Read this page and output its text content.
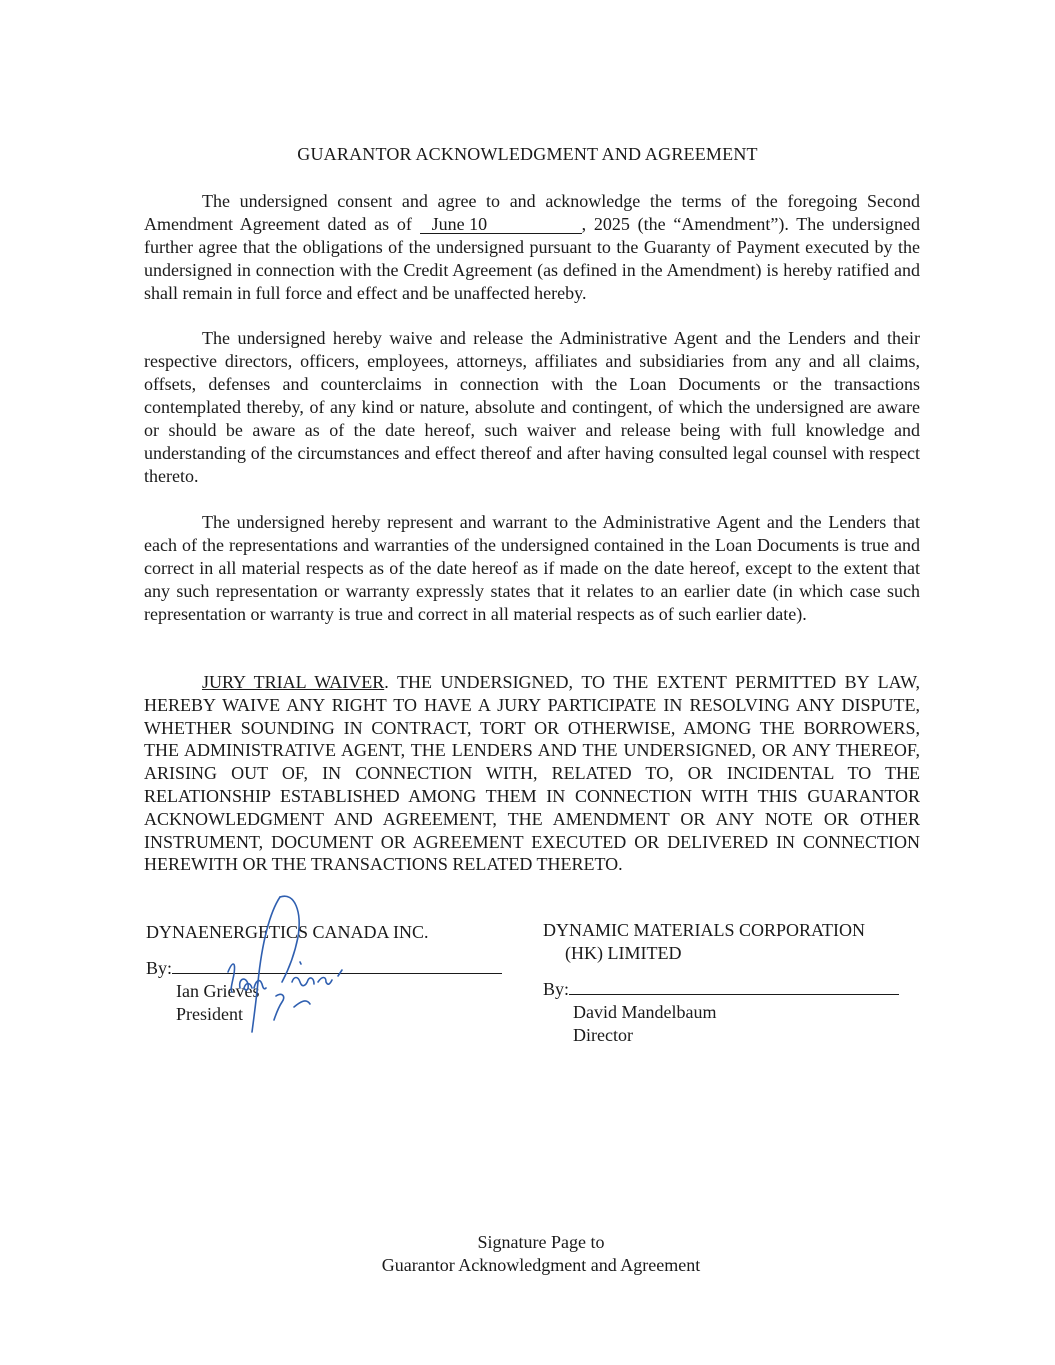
GUARANTOR ACKNOWLEDGMENT AND AGREEMENT

The undersigned consent and agree to and acknowledge the terms of the foregoing Second Amendment Agreement dated as of June 10	, 2025 (the “Amendment”). The undersigned further agree that the obligations of the undersigned pursuant to the Guaranty of Payment executed by the undersigned in connection with the Credit Agreement (as defined in the Amendment) is hereby ratified and shall remain in full force and effect and be unaffected hereby.

The undersigned hereby waive and release the Administrative Agent and the Lenders and their respective directors, officers, employees, attorneys, affiliates and subsidiaries from any and all claims, offsets, defenses and counterclaims in connection with the Loan Documents or the transactions contemplated thereby, of any kind or nature, absolute and contingent, of which the undersigned are aware or should be aware as of the date hereof, such waiver and release being with full knowledge and understanding of the circumstances and effect thereof and after having consulted legal counsel with respect thereto.

The undersigned hereby represent and warrant to the Administrative Agent and the Lenders that each of the representations and warranties of the undersigned contained in the Loan Documents is true and correct in all material respects as of the date hereof as if made on the date hereof, except to the extent that any such representation or warranty expressly states that it relates to an earlier date (in which case such representation or warranty is true and correct in all material respects as of such earlier date).

JURY TRIAL WAIVER. THE UNDERSIGNED, TO THE EXTENT PERMITTED BY LAW, HEREBY WAIVE ANY RIGHT TO HAVE A JURY PARTICIPATE IN RESOLVING ANY DISPUTE, WHETHER SOUNDING IN CONTRACT, TORT OR OTHERWISE, AMONG THE BORROWERS, THE ADMINISTRATIVE AGENT, THE LENDERS AND THE UNDERSIGNED, OR ANY THEREOF, ARISING OUT OF, IN CONNECTION WITH, RELATED TO, OR INCIDENTAL TO THE RELATIONSHIP ESTABLISHED AMONG THEM IN CONNECTION WITH THIS GUARANTOR ACKNOWLEDGMENT AND AGREEMENT, THE AMENDMENT OR ANY NOTE OR OTHER INSTRUMENT, DOCUMENT OR AGREEMENT EXECUTED OR DELIVERED IN CONNECTION HEREWITH OR THE TRANSACTIONS RELATED THERETO.

DYNAENERGETICS CANADA INC.
By:
Ian Grieves
President
DYNAMIC MATERIALS CORPORATION
(HK) LIMITED
By:
David Mandelbaum
Director
Signature Page to
Guarantor Acknowledgment and Agreement
